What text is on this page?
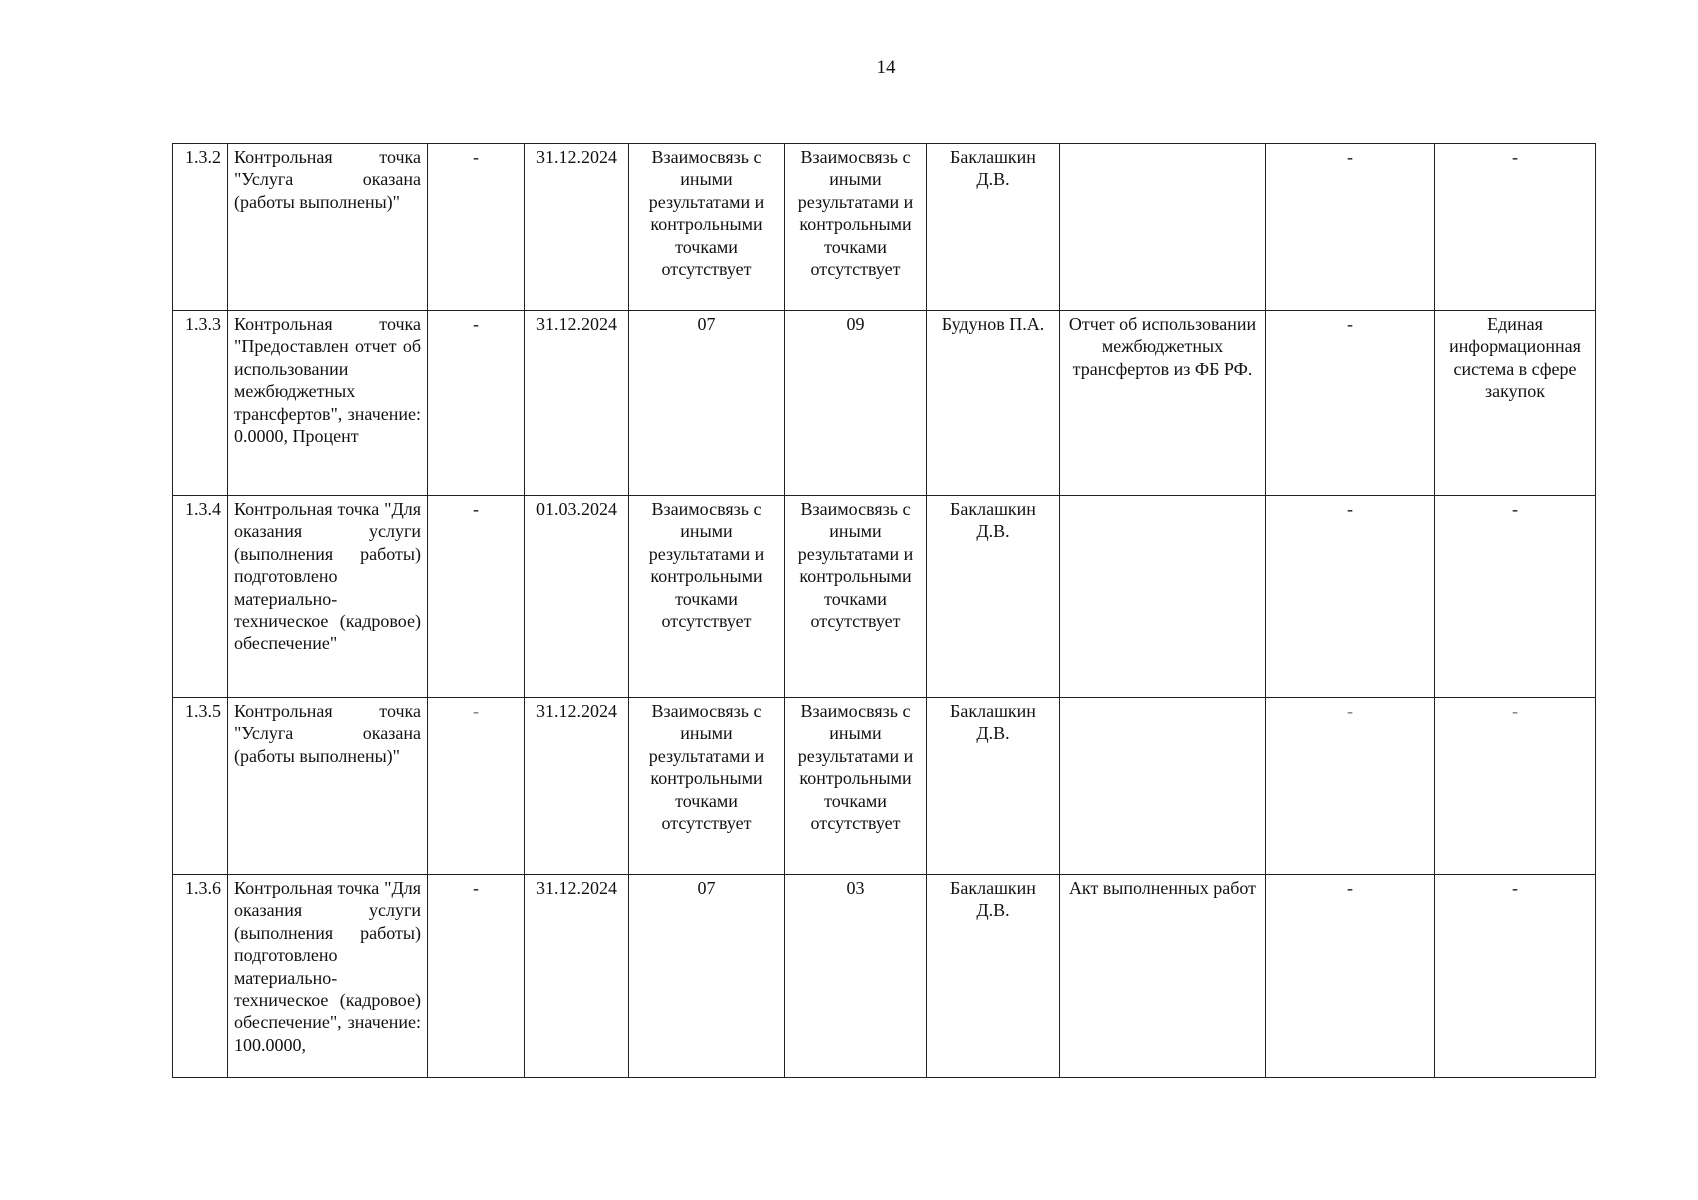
14
1.3.2	Контрольная точка "Услуга оказана (работы выполнены)"	-	31.12.2024	Взаимосвязь с иными результатами и контрольными точками отсутствует	Взаимосвязь с иными результатами и контрольными точками отсутствует	Баклашкин Д.В.		-	-
1.3.3	Контрольная точка "Предоставлен отчет об использовании межбюджетных трансфертов", значение: 0.0000, Процент	-	31.12.2024	07	09	Будунов П.А.	Отчет об использовании межбюджетных трансфертов из ФБ РФ.	-	Единая информационная система в сфере закупок
1.3.4	Контрольная точка "Для оказания услуги (выполнения работы) подготовлено материально-техническое (кадровое) обеспечение"	-	01.03.2024	Взаимосвязь с иными результатами и контрольными точками отсутствует	Взаимосвязь с иными результатами и контрольными точками отсутствует	Баклашкин Д.В.		-	-
1.3.5	Контрольная точка "Услуга оказана (работы выполнены)"	-	31.12.2024	Взаимосвязь с иными результатами и контрольными точками отсутствует	Взаимосвязь с иными результатами и контрольными точками отсутствует	Баклашкин Д.В.		-	-
1.3.6	Контрольная точка "Для оказания услуги (выполнения работы) подготовлено материально-техническое (кадровое) обеспечение", значение: 100.0000,	-	31.12.2024	07	03	Баклашкин Д.В.	Акт выполненных работ	-	-
